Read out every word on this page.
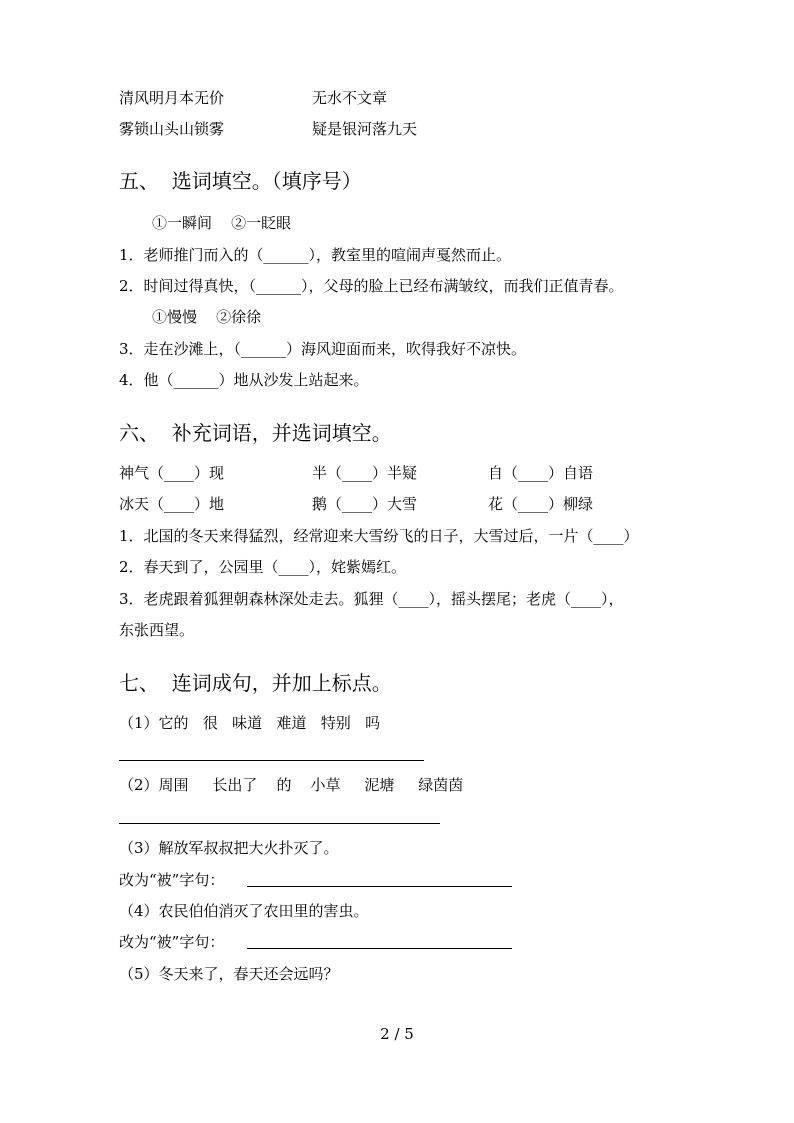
清风明月本无价	无水不文章
雾锁山头山锁雾	疑是银河落九天
五、  选词填空。（填序号）
①一瞬间    ②一眨眼
1．老师推门而入的（______），教室里的喧闹声戛然而止。
2．时间过得真快，（______），父母的脸上已经布满皱纹，而我们正值青春。
①慢慢    ②徐徐
3．走在沙滩上，（______）海风迎面而来，吹得我好不凉快。
4．他（______）地从沙发上站起来。
六、  补充词语，并选词填空。
神气（____）现	半（____）半疑	自（____）自语
冰天（____）地	鹅（____）大雪	花（____）柳绿
1．北国的冬天来得猛烈，经常迎来大雪纷飞的日子，大雪过后，一片（____）
2．春天到了，公园里（____），姹紫嫣红。
3．老虎跟着狐狸朝森林深处走去。狐狸（____），摇头摆尾；老虎（____），
东张西望。
七、  连词成句，并加上标点。
（1）它的   很   味道   难道   特别   吗
（2）周围     长出了    的    小草     泥塘     绿茵茵
（3）解放军叔叔把大火扑灭了。
改为“被”字句：
（4）农民伯伯消灭了农田里的害虫。
改为“被”字句：
（5）冬天来了，春天还会远吗？
2 / 5
